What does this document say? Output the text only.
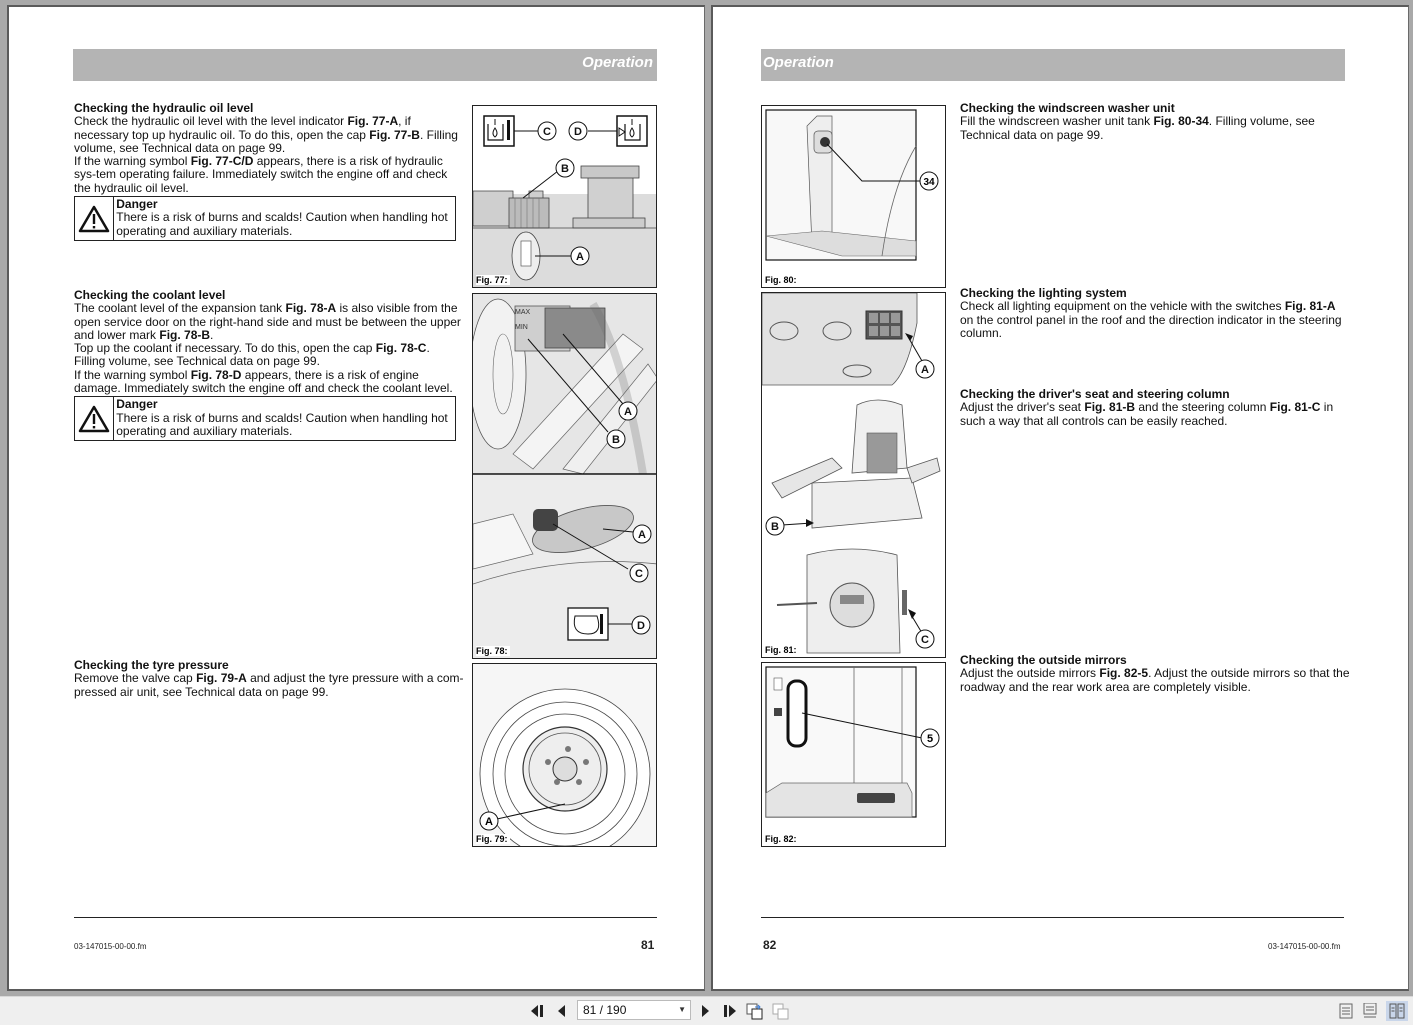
Operation
Checking the hydraulic oil level

Check the hydraulic oil level with the level indicator Fig. 77-A, if necessary top up hydraulic oil. To do this, open the cap Fig. 77-B. Filling volume, see Technical data on page 99.

If the warning symbol Fig. 77-C/D appears, there is a risk of hydraulic sys-tem operating failure. Immediately switch the engine off and check the hydraulic oil level.

Danger
There is a risk of burns and scalds! Caution when handling hot operating and auxiliary materials.
Checking the coolant level

The coolant level of the expansion tank Fig. 78-A is also visible from the open service door on the right-hand side and must be between the upper and lower mark Fig. 78-B.

Top up the coolant if necessary. To do this, open the cap Fig. 78-C. Filling volume, see Technical data on page 99.

If the warning symbol Fig. 78-D appears, there is a risk of engine damage. Immediately switch the engine off and check the coolant level.

Danger
There is a risk of burns and scalds! Caution when handling hot operating and auxiliary materials.
Checking the tyre pressure

Remove the valve cap Fig. 79-A and adjust the tyre pressure with a com-pressed air unit, see Technical data on page 99.

C D
B
A
Fig. 77:
MAX
MIN
A
B
A
C
D
Fig. 78:
A
Fig. 79:
03-147015-00-00.fm	81
Operation
Checking the windscreen washer unit

Fill the windscreen washer unit tank Fig. 80-34. Filling volume, see Technical data on page 99.

Checking the lighting system

Check all lighting equipment on the vehicle with the switches Fig. 81-A on the control panel in the roof and the direction indicator in the steering column.

Checking the driver's seat and steering column

Adjust the driver's seat Fig. 81-B and the steering column Fig. 81-C in such a way that all controls can be easily reached.

Checking the outside mirrors

Adjust the outside mirrors Fig. 82-5. Adjust the outside mirrors so that the roadway and the rear work area are completely visible.

34
Fig. 80:
A
B
C
Fig. 81:
5
Fig. 82:
82	03-147015-00-00.fm
81 / 190	▼
